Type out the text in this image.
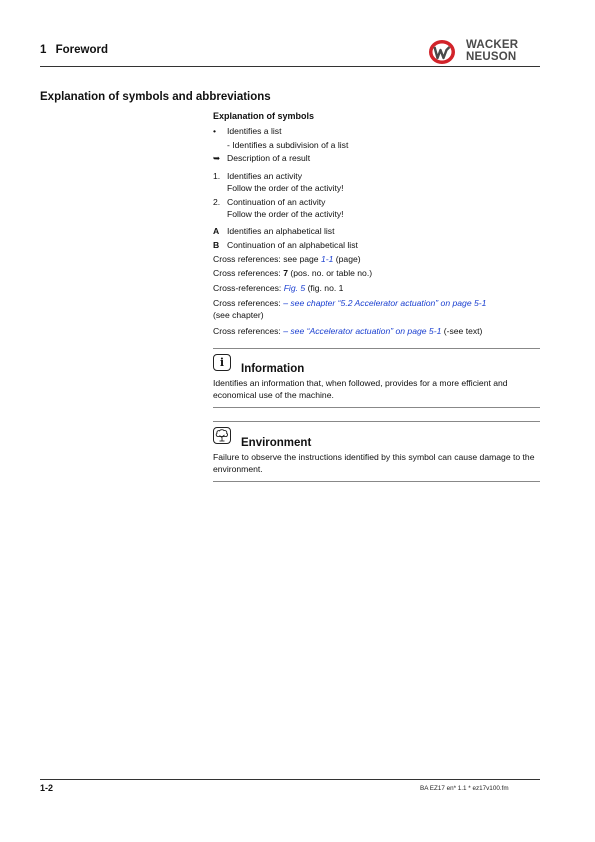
1 Foreword	WACKER
NEUSON
Explanation of symbols and abbreviations
Explanation of symbols
• Identifies a list
- Identifies a subdivision of a list
➥ Description of a result
1. Identifies an activity
Follow the order of the activity!
2. Continuation of an activity
Follow the order of the activity!
A Identifies an alphabetical list
B Continuation of an alphabetical list
Cross references: see page 1-1 (page)
Cross references: 7 (pos. no. or table no.)
Cross-references: Fig. 5 (fig. no. 1
Cross references: – see chapter “5.2 Accelerator actuation” on page 5-1
(see chapter)
Cross references: – see “Accelerator actuation” on page 5-1 (-see text)
i Information
Identifies an information that, when followed, provides for a more efficient and economical use of the machine.
Environment
Failure to observe the instructions identified by this symbol can cause damage to the environment.
1-2	BA EZ17 en* 1.1 * ez17v100.fm
